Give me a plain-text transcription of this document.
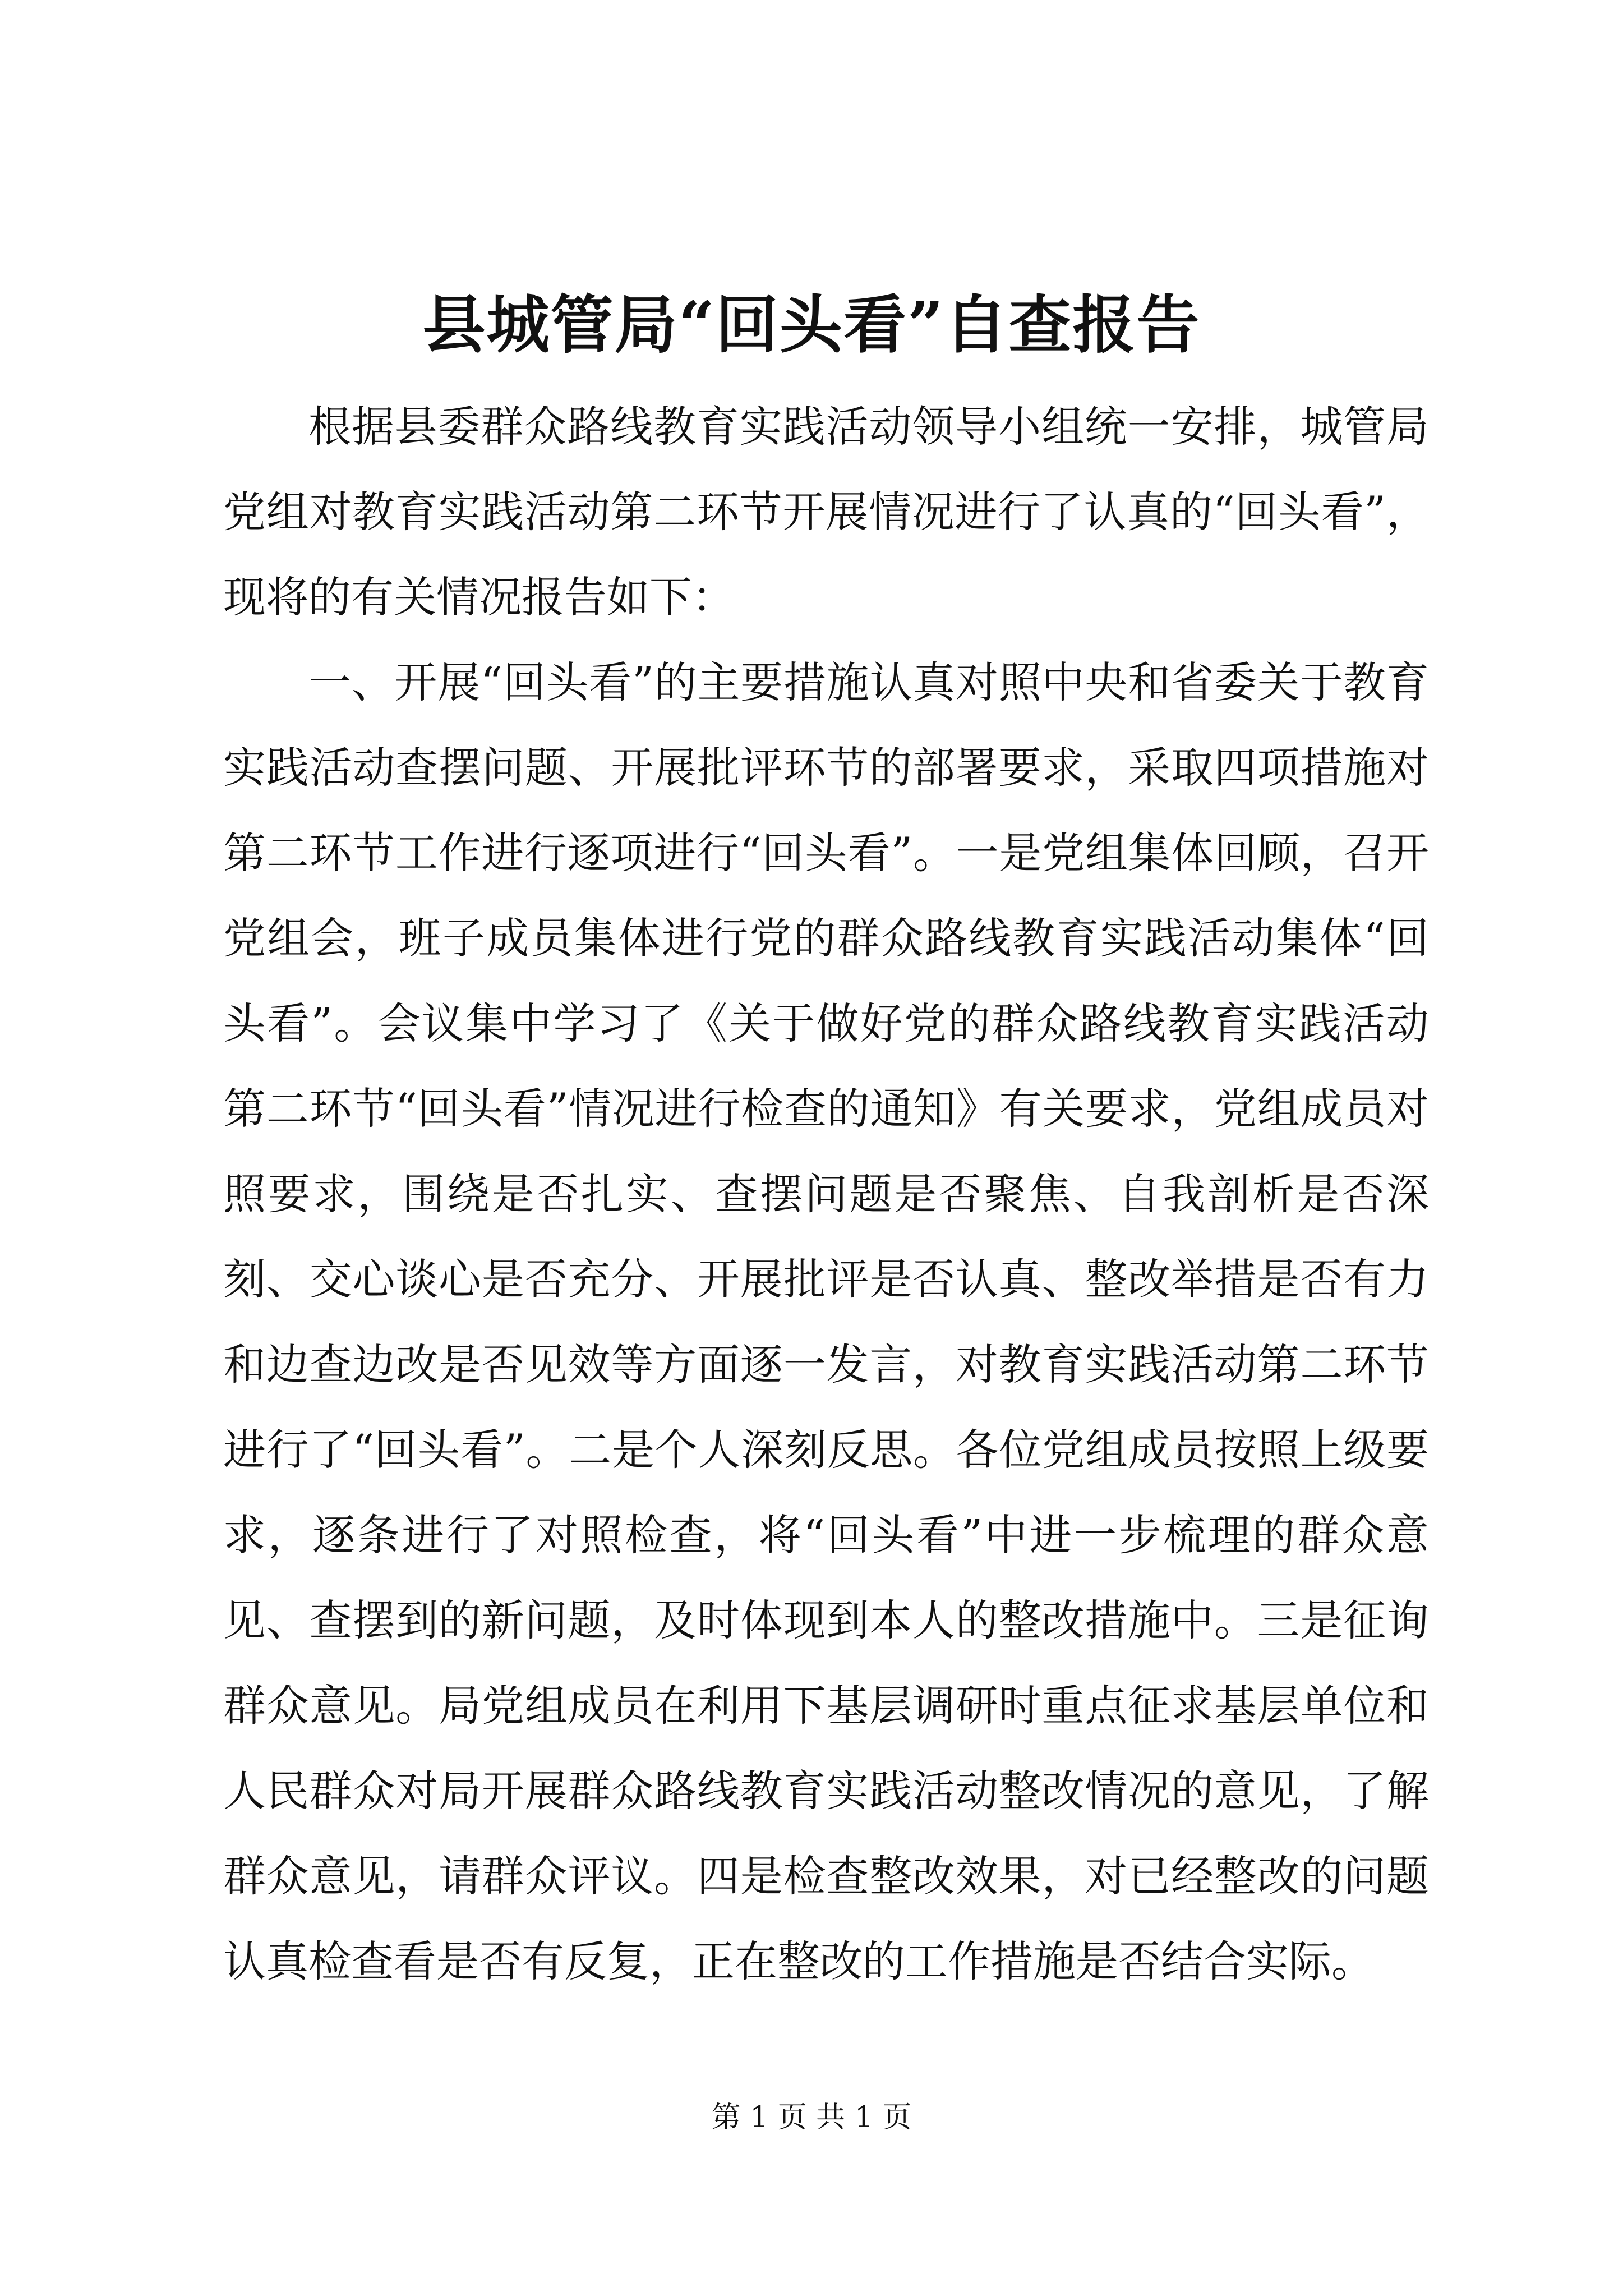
县城管局“回头看”自查报告

根据县委群众路线教育实践活动领导小组统一安排，城管局党组对教育实践活动第二环节开展情况进行了认真的“回头看”，现将的有关情况报告如下：

一、开展“回头看”的主要措施认真对照中央和省委关于教育实践活动查摆问题、开展批评环节的部署要求，采取四项措施对第二环节工作进行逐项进行“回头看”。一是党组集体回顾，召开党组会，班子成员集体进行党的群众路线教育实践活动集体“回头看”。会议集中学习了《关于做好党的群众路线教育实践活动第二环节“回头看”情况进行检查的通知》有关要求，党组成员对照要求，围绕是否扎实、查摆问题是否聚焦、自我剖析是否深刻、交心谈心是否充分、开展批评是否认真、整改举措是否有力和边查边改是否见效等方面逐一发言，对教育实践活动第二环节进行了“回头看”。二是个人深刻反思。各位党组成员按照上级要求，逐条进行了对照检查，将“回头看”中进一步梳理的群众意见、查摆到的新问题，及时体现到本人的整改措施中。三是征询群众意见。局党组成员在利用下基层调研时重点征求基层单位和人民群众对局开展群众路线教育实践活动整改情况的意见，了解群众意见，请群众评议。四是检查整改效果，对已经整改的问题认真检查看是否有反复，正在整改的工作措施是否结合实际。

第 1 页 共 1 页
